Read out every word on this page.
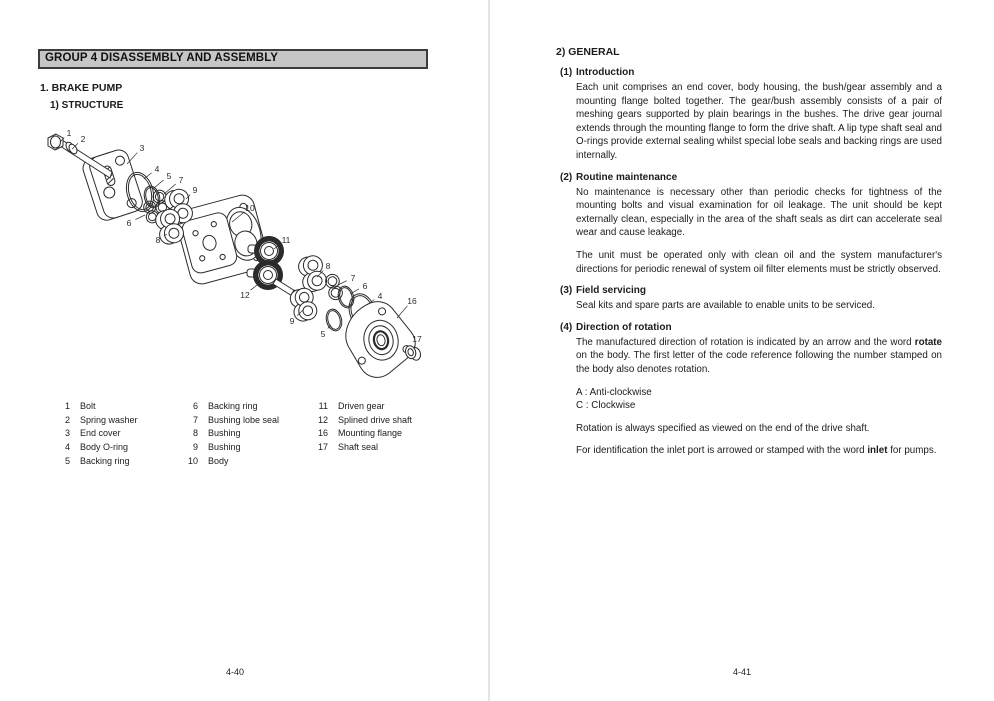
GROUP 4 DISASSEMBLY AND ASSEMBLY
1. BRAKE PUMP
1) STRUCTURE
1
2
3
4
5 7
9
6
8
10
11
12
8
7
6
4	16
9
5	17
1 Bolt
2 Spring washer
3 End cover
4 Body O-ring
5 Backing ring
6 Backing ring
7 Bushing lobe seal
8 Bushing
9 Bushing
10 Body
11 Driven gear
12 Splined drive shaft
16 Mounting flange
17 Shaft seal
4-40
2) GENERAL
(1) Introduction

Each unit comprises an end cover, body housing, the bush/gear assembly and a mounting flange bolted together. The gear/bush assembly consists of a pair of meshing gears supported by plain bearings in the bushes. The drive gear journal extends through the mounting flange to form the drive shaft. A lip type shaft seal and O-rings provide external sealing whilst special lobe seals and backing rings are used internally.

(2) Routine maintenance

No maintenance is necessary other than periodic checks for tightness of the mounting bolts and visual examination for oil leakage. The unit should be kept externally clean, especially in the area of the shaft seals as dirt can accelerate seal wear and cause leakage.

The unit must be operated only with clean oil and the system manufacturer's directions for periodic renewal of system oil filter elements must be strictly observed.

(3) Field servicing

Seal kits and spare parts are available to enable units to be serviced.

(4) Direction of rotation

The manufactured direction of rotation is indicated by an arrow and the word rotate on the body. The first letter of the code reference following the number stamped on the body also denotes rotation.

A : Anti-clockwise
C : Clockwise

Rotation is always specified as viewed on the end of the drive shaft.

For identification the inlet port is arrowed or stamped with the word inlet for pumps.

4-41
